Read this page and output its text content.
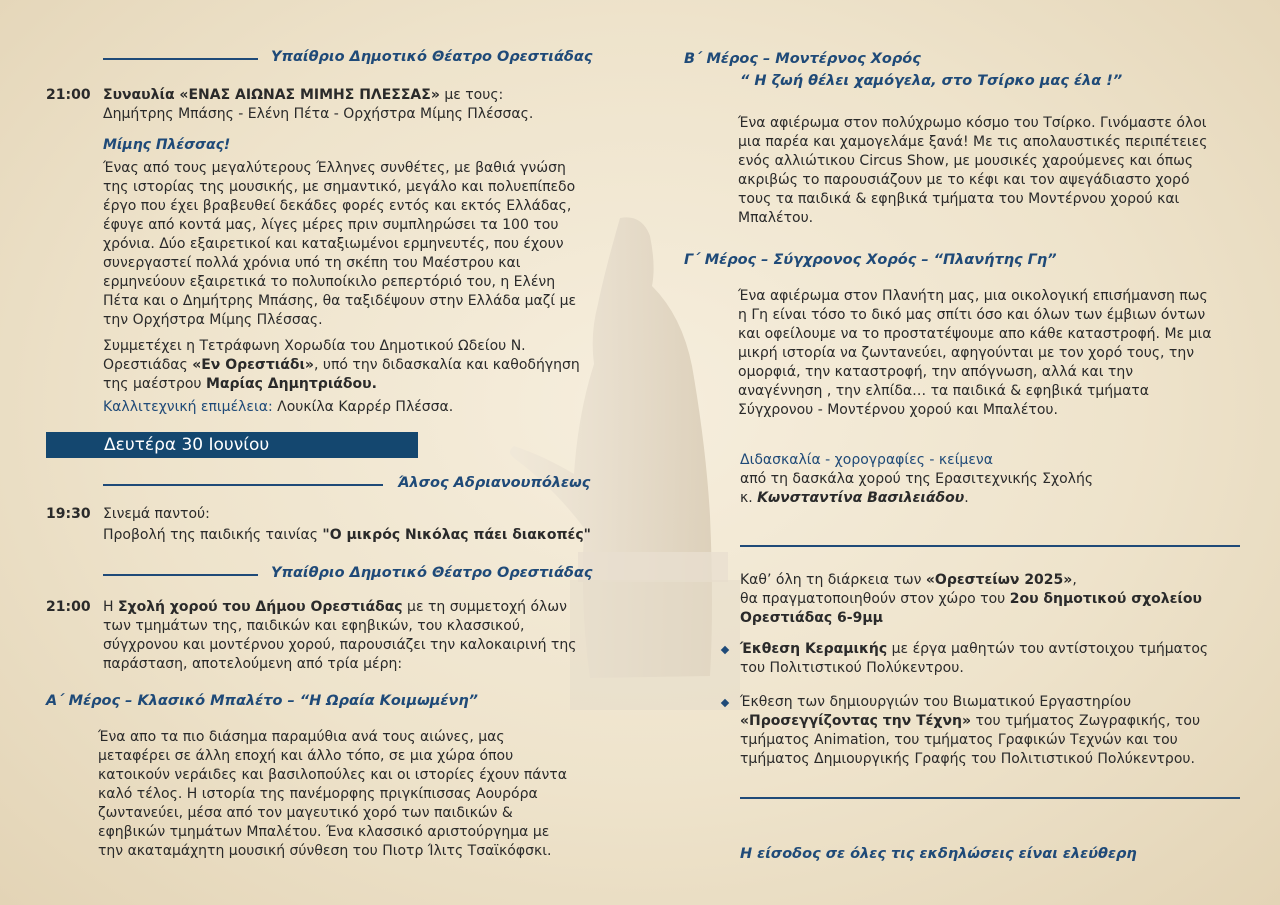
Υπαίθριο Δημοτικό Θέατρο Ορεστιάδας
21:00 Συναυλία «ΕΝΑΣ ΑΙΩΝΑΣ ΜΙΜΗΣ ΠΛΕΣΣΑΣ» με τους:
Δημήτρης Μπάσης - Ελένη Πέτα - Ορχήστρα Μίμης Πλέσσας.
Μίμης Πλέσσας!

Ένας από τους μεγαλύτερους Έλληνες συνθέτες, με βαθιά γνώση

της ιστορίας της μουσικής, με σημαντικό, μεγάλο και πολυεπίπεδο

έργο που έχει βραβευθεί δεκάδες φορές εντός και εκτός Ελλάδας,

έφυγε από κοντά μας, λίγες μέρες πριν συμπληρώσει τα 100 του

χρόνια. Δύο εξαιρετικοί και καταξιωμένοι ερμηνευτές, που έχουν

συνεργαστεί πολλά χρόνια υπό τη σκέπη του Μαέστρου και

ερμηνεύουν εξαιρετικά το πολυποίκιλο ρεπερτόριό του, η Ελένη

Πέτα και ο Δημήτρης Μπάσης, θα ταξιδέψουν στην Ελλάδα μαζί με

την Ορχήστρα Μίμης Πλέσσας.

Συμμετέχει η Τετράφωνη Χορωδία του Δημοτικού Ωδείου Ν.

Ορεστιάδας «Εν Ορεστιάδι», υπό την διδασκαλία και καθοδήγηση

της μαέστρου Μαρίας Δημητριάδου.

Καλλιτεχνική επιμέλεια: Λουκίλα Καρρέρ Πλέσσα.
Δευτέρα 30 Ιουνίου
Άλσος Αδριανουπόλεως
19:30 Σινεμά παντού:
Προβολή της παιδικής ταινίας "Ο μικρός Νικόλας πάει διακοπές"
Υπαίθριο Δημοτικό Θέατρο Ορεστιάδας
21:00 Η Σχολή χορού του Δήμου Ορεστιάδας με τη συμμετοχή όλων

των τμημάτων της, παιδικών και εφηβικών, του κλασσικού,

σύγχρονου και μοντέρνου χορού, παρουσιάζει την καλοκαιρινή της

παράσταση, αποτελούμενη από τρία μέρη:

Α΄ Μέρος – Κλασικό Μπαλέτο – “Η Ωραία Κοιμωμένη”

Ένα απο τα πιο διάσημα παραμύθια ανά τους αιώνες, μας

μεταφέρει σε άλλη εποχή και άλλο τόπο, σε μια χώρα όπου

κατοικούν νεράιδες και βασιλοπούλες και οι ιστορίες έχουν πάντα

καλό τέλος. Η ιστορία της πανέμορφης πριγκίπισσας Αουρόρα

ζωντανεύει, μέσα από τον μαγευτικό χορό των παιδικών &

εφηβικών τμημάτων Μπαλέτου. Ένα κλασσικό αριστούργημα με

την ακαταμάχητη μουσική σύνθεση του Πιοτρ Ίλιτς Τσαϊκόφσκι.

Β΄ Μέρος – Μοντέρνος Χορός
“ Η ζωή θέλει χαμόγελα, στο Τσίρκο μας έλα !”

Ένα αφιέρωμα στον πολύχρωμο κόσμο του Τσίρκο. Γινόμαστε όλοι

μια παρέα και χαμογελάμε ξανά! Με τις απολαυστικές περιπέτειες

ενός αλλιώτικου Circus Show, με μουσικές χαρούμενες και όπως

ακριβώς το παρουσιάζουν με το κέφι και τον αψεγάδιαστο χορό

τους τα παιδικά & εφηβικά τμήματα του Μοντέρνου χορού και

Μπαλέτου.

Γ΄ Μέρος – Σύγχρονος Χορός – “Πλανήτης Γη”

Ένα αφιέρωμα στον Πλανήτη μας, μια οικολογική επισήμανση πως

η Γη είναι τόσο το δικό μας σπίτι όσο και όλων των έμβιων όντων

και οφείλουμε να το προστατέψουμε απο κάθε καταστροφή. Με μια

μικρή ιστορία να ζωντανεύει, αφηγούνται με τον χορό τους, την

ομορφιά, την καταστροφή, την απόγνωση, αλλά και την

αναγέννηση , την ελπίδα… τα παιδικά & εφηβικά τμήματα

Σύγχρονου - Μοντέρνου χορού και Μπαλέτου.

Διδασκαλία - χορογραφίες - κείμενα

από τη δασκάλα χορού της Ερασιτεχνικής Σχολής

κ. Κωνσταντίνα Βασιλειάδου.

Καθ’ όλη τη διάρκεια των «Ορεστείων 2025»,

θα πραγματοποιηθούν στον χώρο του 2ου δημοτικού σχολείου

Ορεστιάδας 6-9μμ

Έκθεση Κεραμικής με έργα μαθητών του αντίστοιχου τμήματος

του Πολιτιστικού Πολύκεντρου.

Έκθεση των δημιουργιών του Βιωματικού Εργαστηρίου

«Προσεγγίζοντας την Τέχνη» του τμήματος Ζωγραφικής, του

τμήματος Animation, του τμήματος Γραφικών Τεχνών και του

τμήματος Δημιουργικής Γραφής του Πολιτιστικού Πολύκεντρου.

Η είσοδος σε όλες τις εκδηλώσεις είναι ελεύθερη
